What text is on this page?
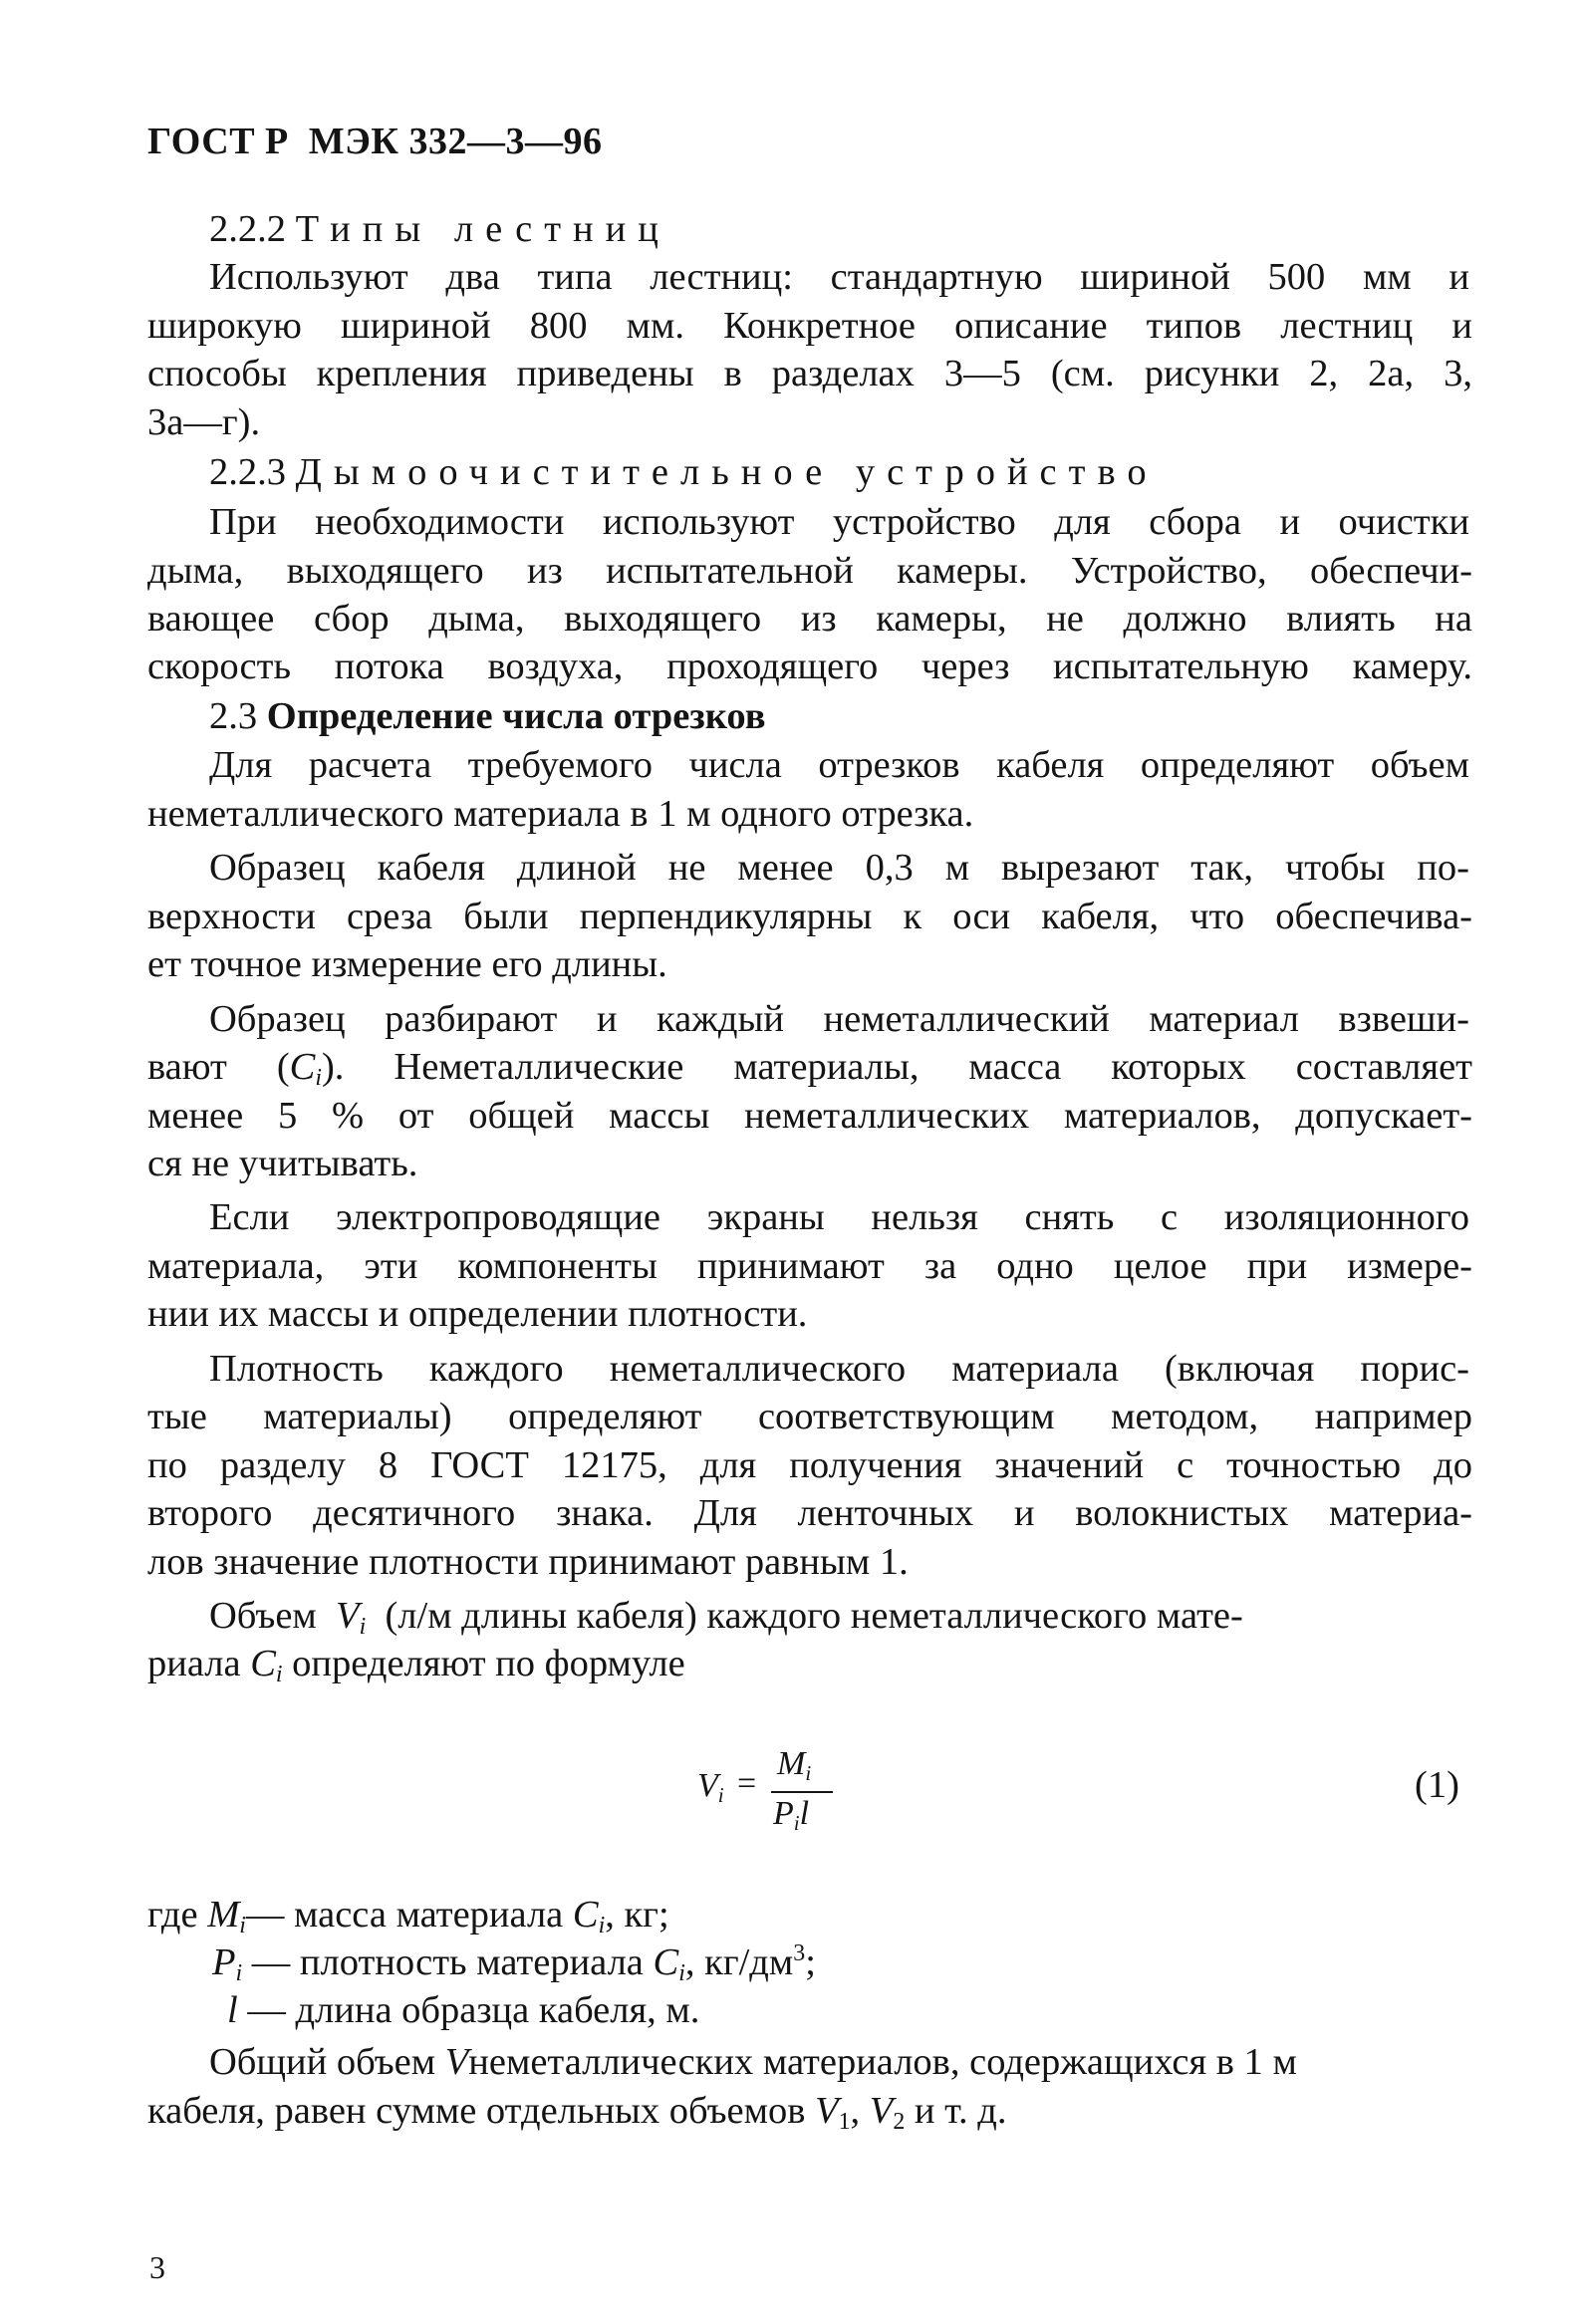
ГОСТ Р МЭК 332—3—96
2.2.2 Типы лестниц
Используют два типа лестниц: стандартную шириной 500 мм и
широкую шириной 800 мм. Конкретное описание типов лестниц и
способы крепления приведены в разделах 3—5 (см. рисунки 2, 2а, 3,
3а—г).
2.2.3 Дымоочистительное устройство
При необходимости используют устройство для сбора и очистки
дыма, выходящего из испытательной камеры. Устройство, обеспечи-
вающее сбор дыма, выходящего из камеры, не должно влиять на
скорость потока воздуха, проходящего через испытательную камеру.
2.3 Определение числа отрезков
Для расчета требуемого числа отрезков кабеля определяют объем
неметаллического материала в 1 м одного отрезка.
Образец кабеля длиной не менее 0,3 м вырезают так, чтобы по-
верхности среза были перпендикулярны к оси кабеля, что обеспечива-
ет точное измерение его длины.
Образец разбирают и каждый неметаллический материал взвеши-
вают $(C_i)$. Неметаллические материалы, масса которых составляет
менее 5 % от общей массы неметаллических материалов, допускает-
ся не учитывать.
Если электропроводящие экраны нельзя снять с изоляционного
материала, эти компоненты принимают за одно целое при измере-
нии их массы и определении плотности.
Плотность каждого неметаллического материала (включая порис-
тые материалы) определяют соответствующим методом, например
по разделу 8 ГОСТ 12175, для получения значений с точностью до
второго десятичного знака. Для ленточных и волокнистых материа-
лов значение плотности принимают равным 1.
Объем $V_i$ (л/м длины кабеля) каждого неметаллического мате-
риала $C_i$ определяют по формуле
$V_i$ =
$M_i$
$P_il$
(1)
где $M_i—$ масса материала $C_i$, кг;
$P_i$ — плотность материала $C_i$, $кг/дм^3$;
l — длина образца кабеля, м.
Общий объем Vнеметаллических материалов, содержащихся в 1 м
кабеля, равен сумме отдельных объемов $V_1$, $V_2$ и т. д.
3
